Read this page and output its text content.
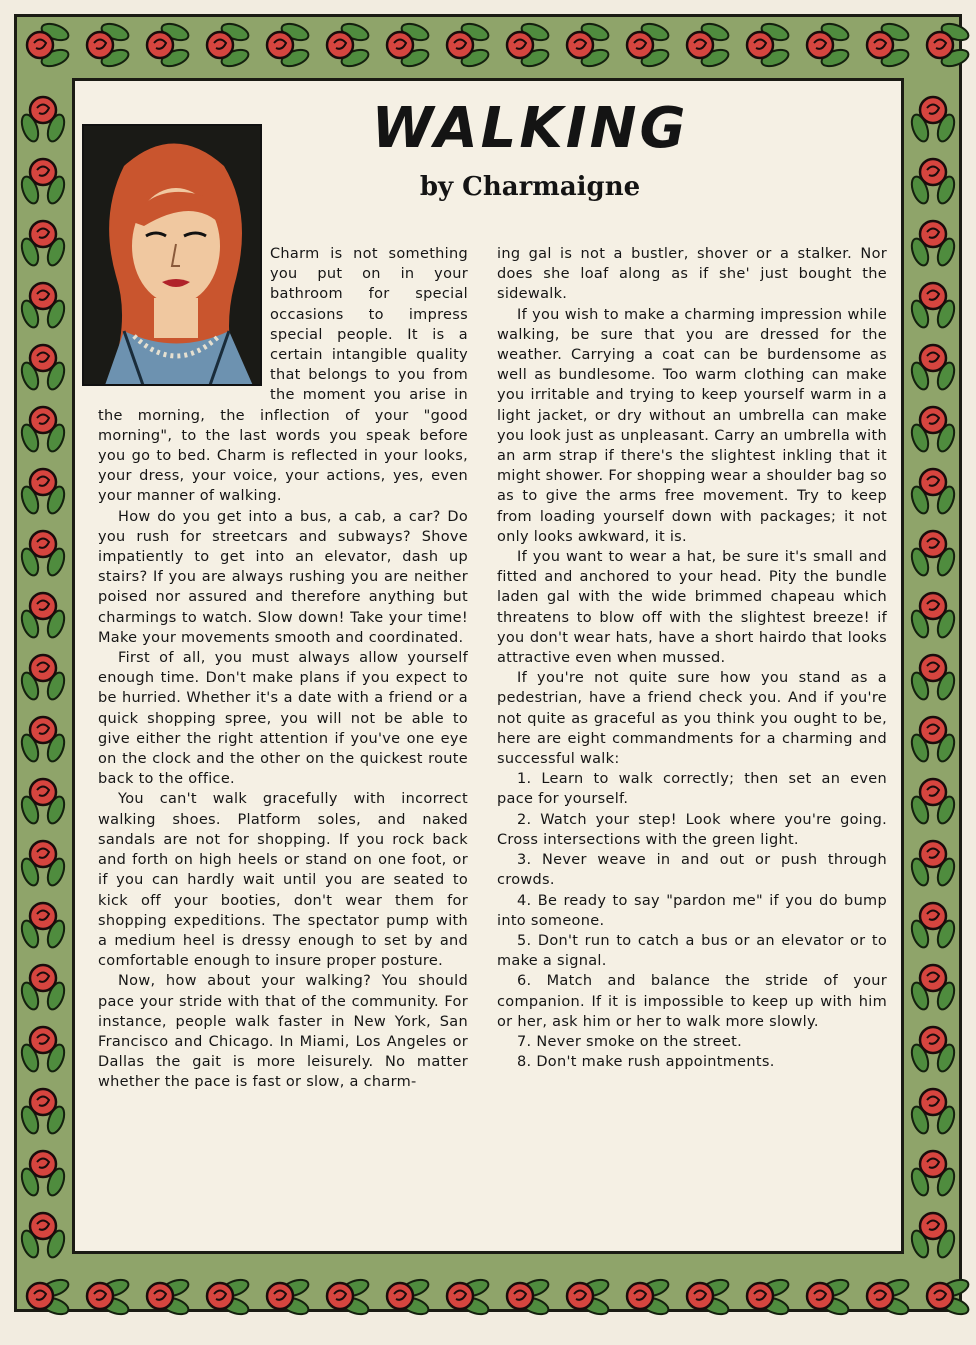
WALKING
by Charmaigne

Charm is not something you put on in your bathroom for special occasions to impress special people. It is a certain intangible quality that belongs to you from the moment you arise in the morning, the inflection of your "good morning", to the last words you speak before you go to bed. Charm is reflected in your looks, your dress, your voice, your actions, yes, even your manner of walking.

How do you get into a bus, a cab, a car? Do you rush for streetcars and subways? Shove impatiently to get into an elevator, dash up stairs? If you are always rushing you are neither poised nor assured and therefore anything but charmings to watch. Slow down! Take your time! Make your movements smooth and coordinated.

First of all, you must always allow yourself enough time. Don't make plans if you expect to be hurried. Whether it's a date with a friend or a quick shopping spree, you will not be able to give either the right attention if you've one eye on the clock and the other on the quickest route back to the office.

You can't walk gracefully with incorrect walking shoes. Platform soles, and naked sandals are not for shopping. If you rock back and forth on high heels or stand on one foot, or if you can hardly wait until you are seated to kick off your booties, don't wear them for shopping expeditions. The spectator pump with a medium heel is dressy enough to set by and comfortable enough to insure proper posture.

Now, how about your walking? You should pace your stride with that of the community. For instance, people walk faster in New York, San Francisco and Chicago. In Miami, Los Angeles or Dallas the gait is more leisurely. No matter whether the pace is fast or slow, a charm-

ing gal is not a bustler, shover or a stalker. Nor does she loaf along as if she' just bought the sidewalk.

If you wish to make a charming impression while walking, be sure that you are dressed for the weather. Carrying a coat can be burdensome as well as bundlesome. Too warm clothing can make you irritable and trying to keep yourself warm in a light jacket, or dry without an umbrella can make you look just as unpleasant. Carry an umbrella with an arm strap if there's the slightest inkling that it might shower. For shopping wear a shoulder bag so as to give the arms free movement. Try to keep from loading yourself down with packages; it not only looks awkward, it is.

If you want to wear a hat, be sure it's small and fitted and anchored to your head. Pity the bundle laden gal with the wide brimmed chapeau which threatens to blow off with the slightest breeze! if you don't wear hats, have a short hairdo that looks attractive even when mussed.

If you're not quite sure how you stand as a pedestrian, have a friend check you. And if you're not quite as graceful as you think you ought to be, here are eight commandments for a charming and successful walk:

1. Learn to walk correctly; then set an even pace for yourself.

2. Watch your step! Look where you're going. Cross intersections with the green light.

3. Never weave in and out or push through crowds.

4. Be ready to say "pardon me" if you do bump into someone.

5. Don't run to catch a bus or an elevator or to make a signal.

6. Match and balance the stride of your companion. If it is impossible to keep up with him or her, ask him or her to walk more slowly.

7. Never smoke on the street.

8. Don't make rush appointments.
